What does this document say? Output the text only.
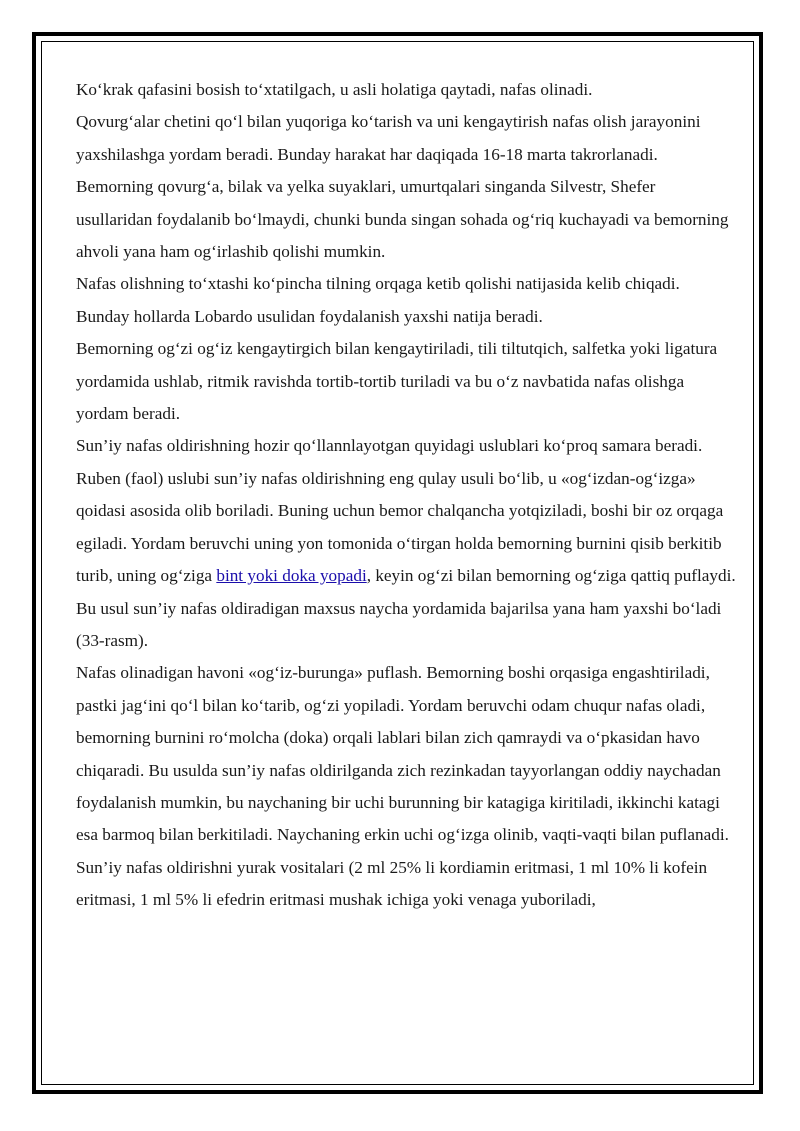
Ko‘krak qafasini bosish to‘xtatilgach, u asli holatiga qaytadi, nafas olinadi.

Qovurg‘alar chetini qo‘l bilan yuqoriga ko‘tarish va uni kengaytirish nafas olish jarayonini yaxshilashga yordam beradi. Bunday harakat har daqiqada 16-18 marta takrorlanadi.

Bemorning qovurg‘a, bilak va yelka suyaklari, umurtqalari singanda Silvestr, Shefer usullaridan foydalanib bo‘lmaydi, chunki bunda singan sohada og‘riq kuchayadi va bemorning ahvoli yana ham og‘irlashib qolishi mumkin.

Nafas olishning to‘xtashi ko‘pincha tilning orqaga ketib qolishi natijasida kelib chiqadi. Bunday hollarda Lobardo usulidan foydalanish yaxshi natija beradi.

Bemorning og‘zi og‘iz kengaytirgich bilan kengaytiriladi, tili tiltutqich, salfetka yoki ligatura yordamida ushlab, ritmik ravishda tortib-tortib turiladi va bu o‘z navbatida nafas olishga yordam beradi.

Sun’iy nafas oldirishning hozir qo‘llannlayotgan quyidagi uslublari ko‘proq samara beradi.

Ruben (faol) uslubi sun’iy nafas oldirishning eng qulay usuli bo‘lib, u «og‘izdan-og‘izga» qoidasi asosida olib boriladi. Buning uchun bemor chalqancha yotqiziladi, boshi bir oz orqaga egiladi. Yordam beruvchi uning yon tomonida o‘tirgan holda bemorning burnini qisib berkitib turib, uning og‘ziga bint yoki doka yopadi, keyin og‘zi bilan bemorning og‘ziga qattiq puflaydi. Bu usul sun’iy nafas oldiradigan maxsus naycha yordamida bajarilsa yana ham yaxshi bo‘ladi (33-rasm).

Nafas olinadigan havoni «og‘iz-burunga» puflash. Bemorning boshi orqasiga engashtiriladi, pastki jag‘ini qo‘l bilan ko‘tarib, og‘zi yopiladi. Yordam beruvchi odam chuqur nafas oladi, bemorning burnini ro‘molcha (doka) orqali lablari bilan zich qamraydi va o‘pkasidan havo chiqaradi. Bu usulda sun’iy nafas oldirilganda zich rezinkadan tayyorlangan oddiy naychadan foydalanish mumkin, bu naychaning bir uchi burunning bir katagiga kiritiladi, ikkinchi katagi esa barmoq bilan berkitiladi. Naychaning erkin uchi og‘izga olinib, vaqti-vaqti bilan puflanadi.

Sun’iy nafas oldirishni yurak vositalari (2 ml 25% li kordiamin eritmasi, 1 ml 10% li kofein eritmasi, 1 ml 5% li efedrin eritmasi mushak ichiga yoki venaga yuboriladi,
